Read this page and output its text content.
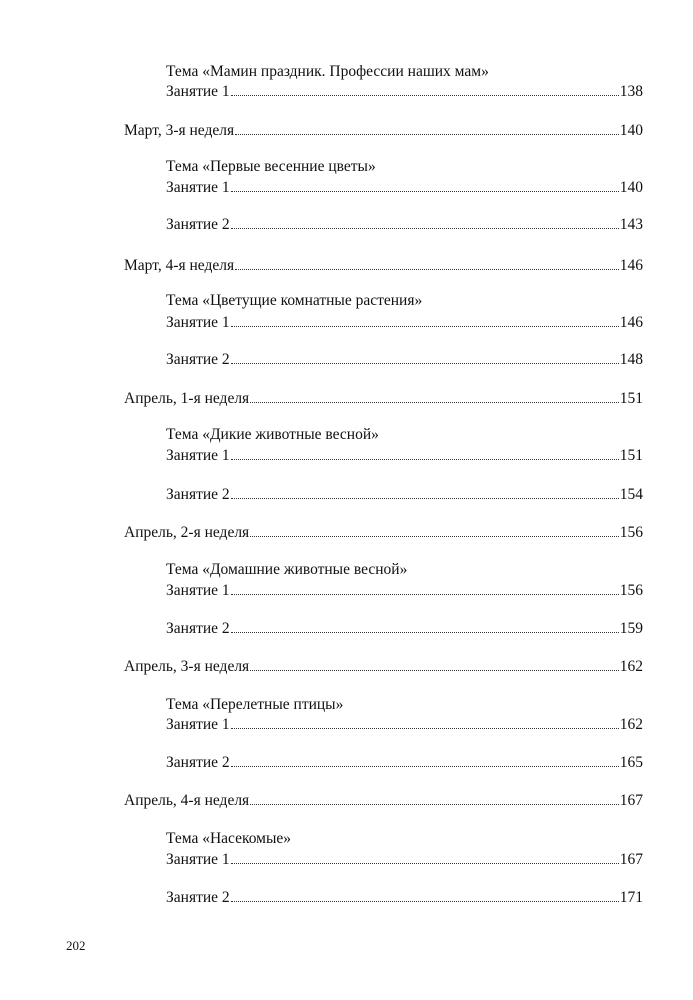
Тема «Мамин праздник. Профессии наших мам»
Занятие 1	138
Март, 3-я неделя	140
Тема «Первые весенние цветы»
Занятие 1	140
Занятие 2	143
Март, 4-я неделя	146
Тема «Цветущие комнатные растения»
Занятие 1	146
Занятие 2	148
Апрель, 1-я неделя	151
Тема «Дикие животные весной»
Занятие 1	151
Занятие 2	154
Апрель, 2-я неделя	156
Тема «Домашние животные весной»
Занятие 1	156
Занятие 2	159
Апрель, 3-я неделя	162
Тема «Перелетные птицы»
Занятие 1	162
Занятие 2	165
Апрель, 4-я неделя	167
Тема «Насекомые»
Занятие 1	167
Занятие 2	171
202
